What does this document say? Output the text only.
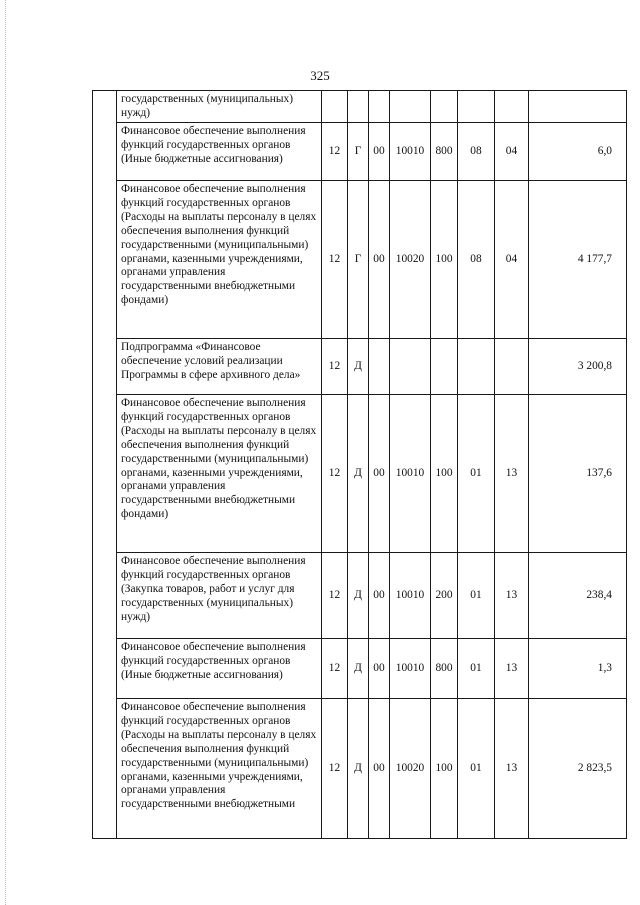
325
	государственных (муниципальных) нужд)								
	Финансовое обеспечение выполнения функций государственных органов (Иные бюджетные ассигнования)	12	Г	00	10010	800	08	04	6,0
	Финансовое обеспечение выполнения функций государственных органов (Расходы на выплаты персоналу в целях обеспечения выполнения функций государственными (муниципальными) органами, казенными учреждениями, органами управления государственными внебюджетными фондами)	12	Г	00	10020	100	08	04	4 177,7
	Подпрограмма «Финансовое обеспечение условий реализации Программы в сфере архивного дела»	12	Д						3 200,8
	Финансовое обеспечение выполнения функций государственных органов (Расходы на выплаты персоналу в целях обеспечения выполнения функций государственными (муниципальными) органами, казенными учреждениями, органами управления государственными внебюджетными фондами)	12	Д	00	10010	100	01	13	137,6
	Финансовое обеспечение выполнения функций государственных органов (Закупка товаров, работ и услуг для государственных (муниципальных) нужд)	12	Д	00	10010	200	01	13	238,4
	Финансовое обеспечение выполнения функций государственных органов (Иные бюджетные ассигнования)	12	Д	00	10010	800	01	13	1,3
	Финансовое обеспечение выполнения функций государственных органов (Расходы на выплаты персоналу в целях обеспечения выполнения функций государственными (муниципальными) органами, казенными учреждениями, органами управления государственными внебюджетными	12	Д	00	10020	100	01	13	2 823,5
